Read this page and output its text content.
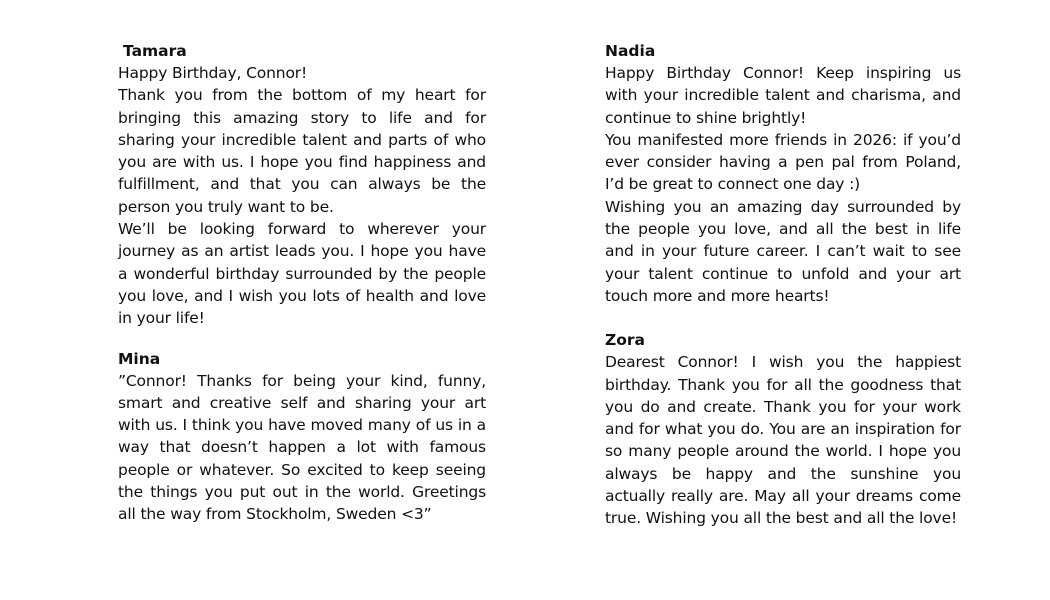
Tamara

Happy Birthday, Connor!

Thank you from the bottom of my heart for bringing this amazing story to life and for sharing your incredible talent and parts of who you are with us. I hope you find happiness and fulfillment, and that you can always be the person you truly want to be.

We’ll be looking forward to wherever your journey as an artist leads you. I hope you have a wonderful birthday surrounded by the people you love, and I wish you lots of health and love in your life!

Mina

”Connor! Thanks for being your kind, funny, smart and creative self and sharing your art with us. I think you have moved many of us in a way that doesn’t happen a lot with famous people or whatever. So excited to keep seeing the things you put out in the world. Greetings all the way from Stockholm, Sweden <3”

Nadia

Happy Birthday Connor! Keep inspiring us with your incredible talent and charisma, and continue to shine brightly!

You manifested more friends in 2026: if you’d ever consider having a pen pal from Poland, I’d be great to connect one day :)

Wishing you an amazing day surrounded by the people you love, and all the best in life and in your future career. I can’t wait to see your talent continue to unfold and your art touch more and more hearts!

Zora

Dearest Connor! I wish you the happiest birthday. Thank you for all the goodness that you do and create. Thank you for your work and for what you do. You are an inspiration for so many people around the world. I hope you always be happy and the sunshine you actually really are. May all your dreams come true. Wishing you all the best and all the love!
